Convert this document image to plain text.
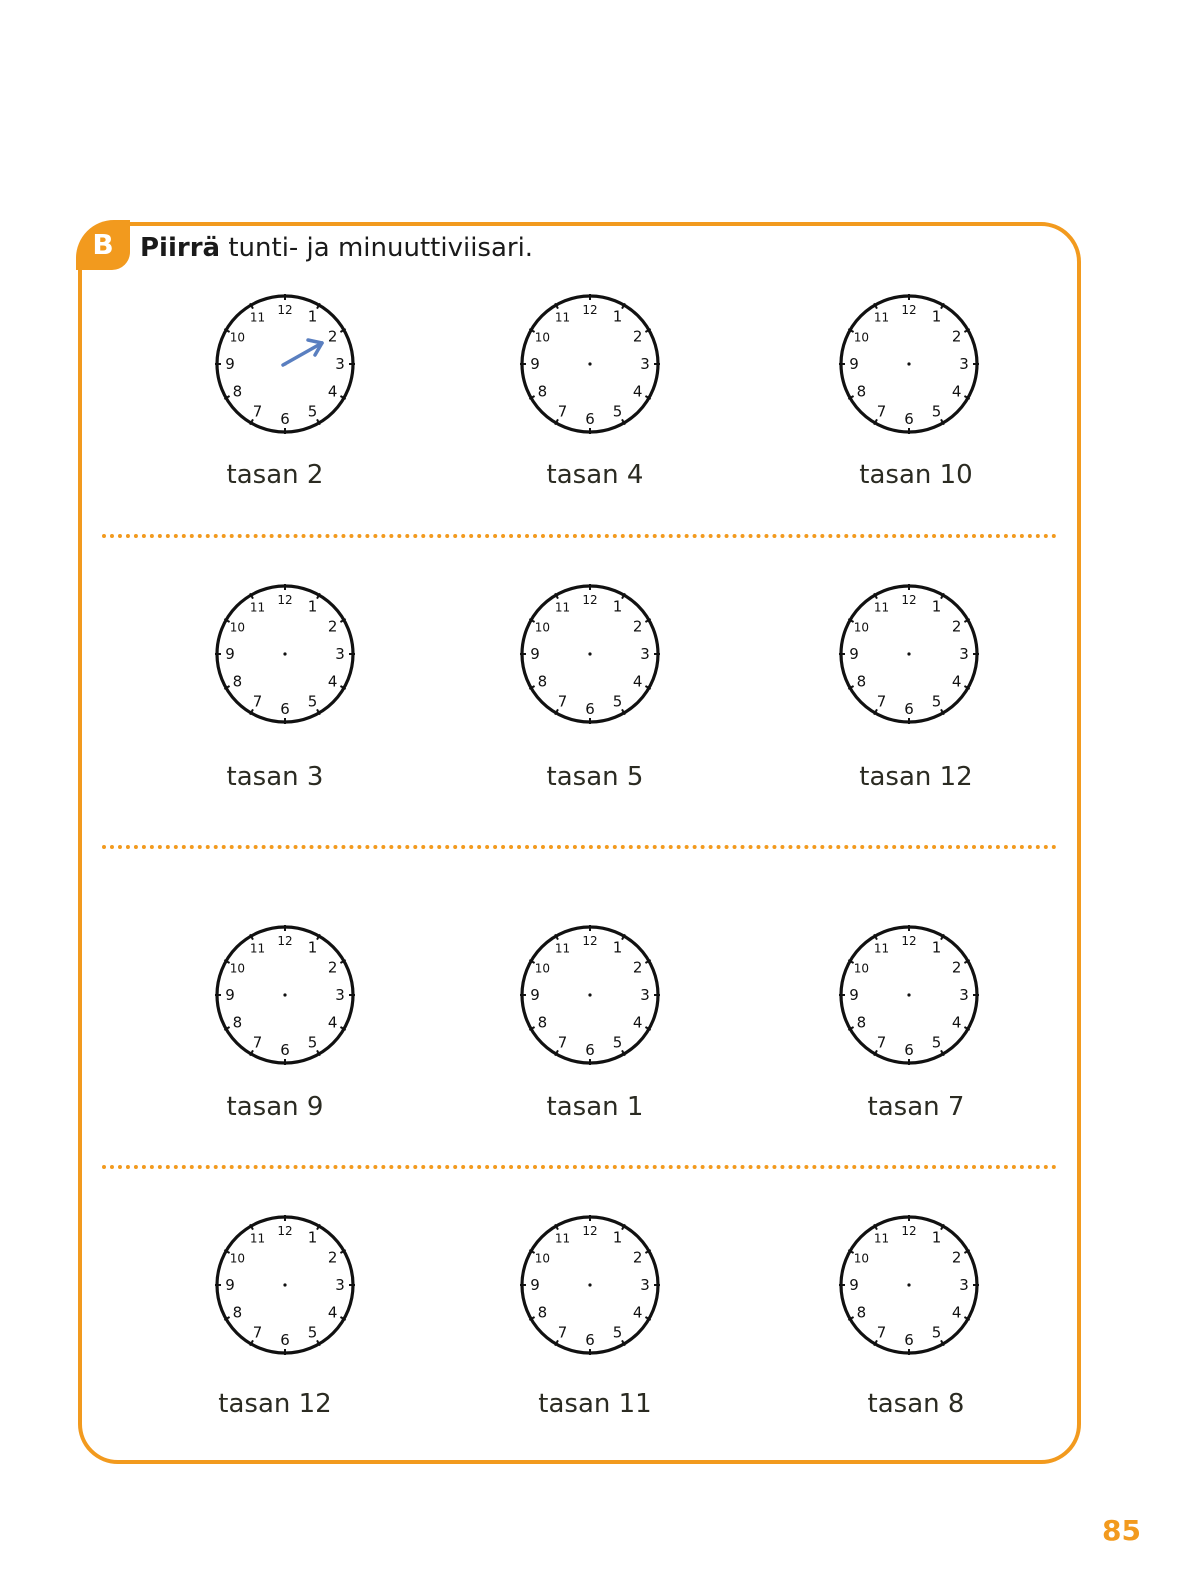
B	Piirrä tunti- ja minuuttiviisari.
12 1
2
3
4
5
6
7
8
9
10
11
12 1
2
3
4
5
6
7
8
9
10
11
12 1
2
3
4
5
6
7
8
9
10
11
tasan 2	tasan 4	tasan 10
12 1
2
3
4
5
6
7
8
9
10
11
12 1
2
3
4
5
6
7
8
9
10
11
12 1
2
3
4
5
6
7
8
9
10
11
tasan 3	tasan 5	tasan 12
12 1
2
3
4
5
6
7
8
9
10
11
12 1
2
3
4
5
6
7
8
9
10
11
12 1
2
3
4
5
6
7
8
9
10
11
tasan 9	tasan 1	tasan 7
12 1
2
3
4
5
6
7
8
9
10
11
12 1
2
3
4
5
6
7
8
9
10
11
12 1
2
3
4
5
6
7
8
9
10
11
tasan 12	tasan 11	tasan 8
85
